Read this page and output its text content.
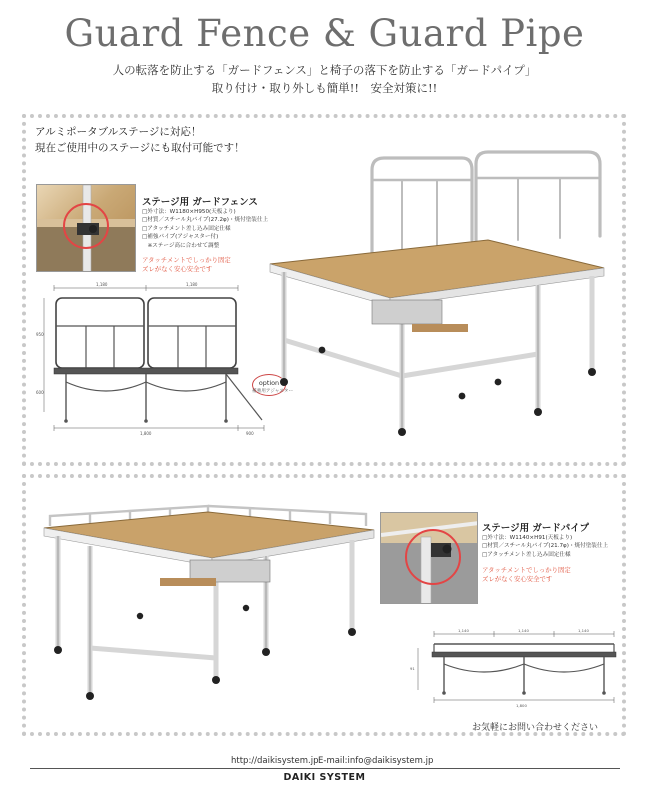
Guard Fence & Guard Pipe
人の転落を防止する「ガードフェンス」と椅子の落下を防止する「ガードパイプ」
取り付け・取り外しも簡単!!　安全対策に!!
アルミポータブルステージに対応！
現在ご使用中のステージにも取付可能です！
ステージ用 ガードフェンス
□外寸法：W1180×H950(天板より)
□材質／スチール丸パイプ(27.2φ)・焼付塗装仕上
□アタッチメント差し込み固定仕様
□補強パイプ(アジャスター付)
　※ステージ高に合わせて調整
アタッチメントでしっかり固定
ズレがなく安心安全です
1,180	1,180
950
600
1,800	900
option
補強用アジャスター
ステージ用 ガードパイプ
□外寸法：W1140×H91(天板より)
□材質／スチール丸パイプ(21.7φ)・焼付塗装仕上
□アタッチメント差し込み固定仕様
アタッチメントでしっかり固定
ズレがなく安心安全です
1,140	1,140	1,140
91
1,800
お気軽にお問い合わせください
http://daikisystem.jp E-mail:info@daikisystem.jp
DAIKI SYSTEM
